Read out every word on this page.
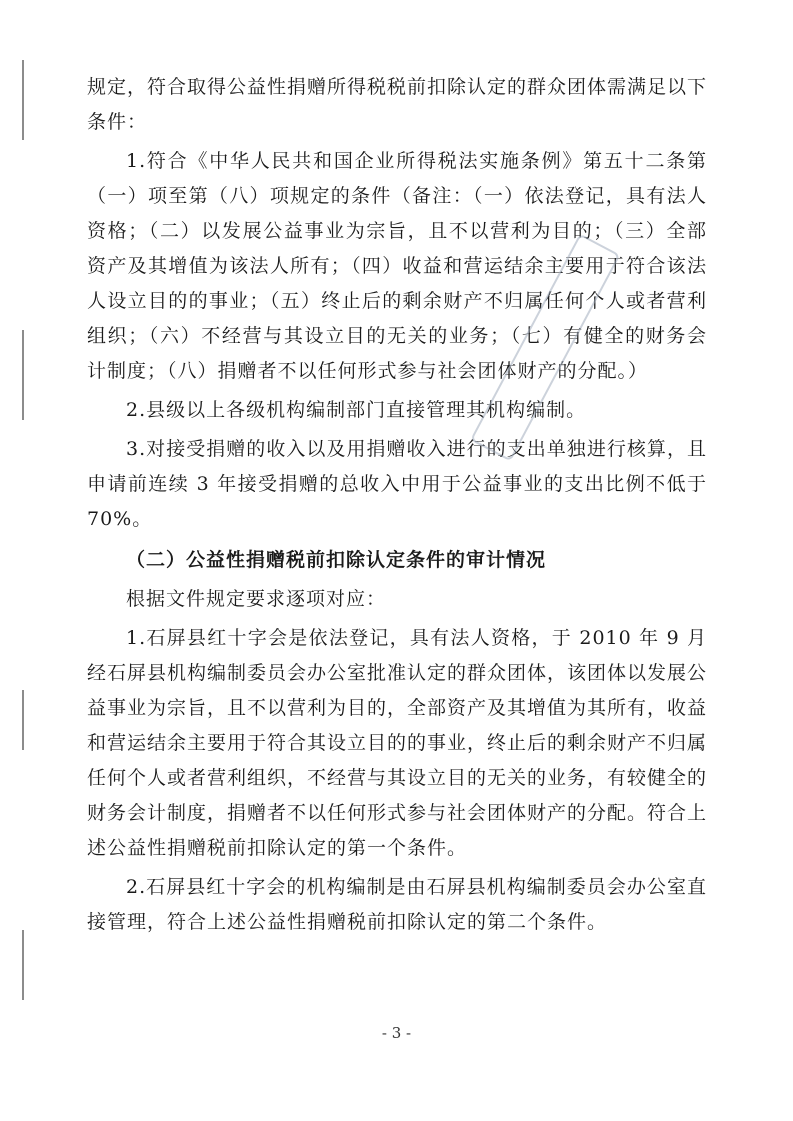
规定，符合取得公益性捐赠所得税税前扣除认定的群众团体需满足以下条件：

1.符合《中华人民共和国企业所得税法实施条例》第五十二条第（一）项至第（八）项规定的条件（备注：（一）依法登记，具有法人资格；（二）以发展公益事业为宗旨，且不以营利为目的；（三）全部资产及其增值为该法人所有；（四）收益和营运结余主要用于符合该法人设立目的的事业；（五）终止后的剩余财产不归属任何个人或者营利组织；（六）不经营与其设立目的无关的业务；（七）有健全的财务会计制度；（八）捐赠者不以任何形式参与社会团体财产的分配。）

2.县级以上各级机构编制部门直接管理其机构编制。

3.对接受捐赠的收入以及用捐赠收入进行的支出单独进行核算，且申请前连续 3 年接受捐赠的总收入中用于公益事业的支出比例不低于 70%。

（二）公益性捐赠税前扣除认定条件的审计情况

根据文件规定要求逐项对应：

1.石屏县红十字会是依法登记，具有法人资格，于 2010 年 9 月经石屏县机构编制委员会办公室批准认定的群众团体，该团体以发展公益事业为宗旨，且不以营利为目的，全部资产及其增值为其所有，收益和营运结余主要用于符合其设立目的的事业，终止后的剩余财产不归属任何个人或者营利组织，不经营与其设立目的无关的业务，有较健全的财务会计制度，捐赠者不以任何形式参与社会团体财产的分配。符合上述公益性捐赠税前扣除认定的第一个条件。

2.石屏县红十字会的机构编制是由石屏县机构编制委员会办公室直接管理，符合上述公益性捐赠税前扣除认定的第二个条件。

- 3 -
